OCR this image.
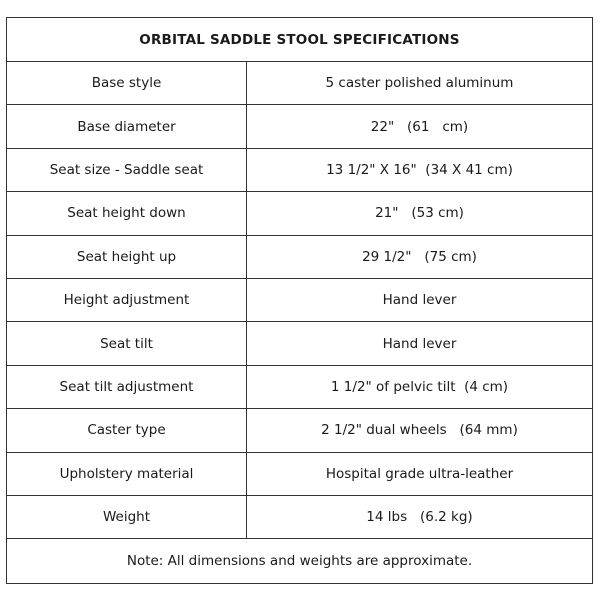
ORBITAL SADDLE STOOL SPECIFICATIONS
Base style	5 caster polished aluminum
Base diameter	22"   (61   cm)
Seat size - Saddle seat	13 1/2" X 16"  (34 X 41 cm)
Seat height down	21"   (53 cm)
Seat height up	29 1/2"   (75 cm)
Height adjustment	Hand lever
Seat tilt	Hand lever
Seat tilt adjustment	1 1/2" of pelvic tilt  (4 cm)
Caster type	2 1/2" dual wheels   (64 mm)
Upholstery material	Hospital grade ultra-leather
Weight	14 lbs   (6.2 kg)
Note: All dimensions and weights are approximate.
